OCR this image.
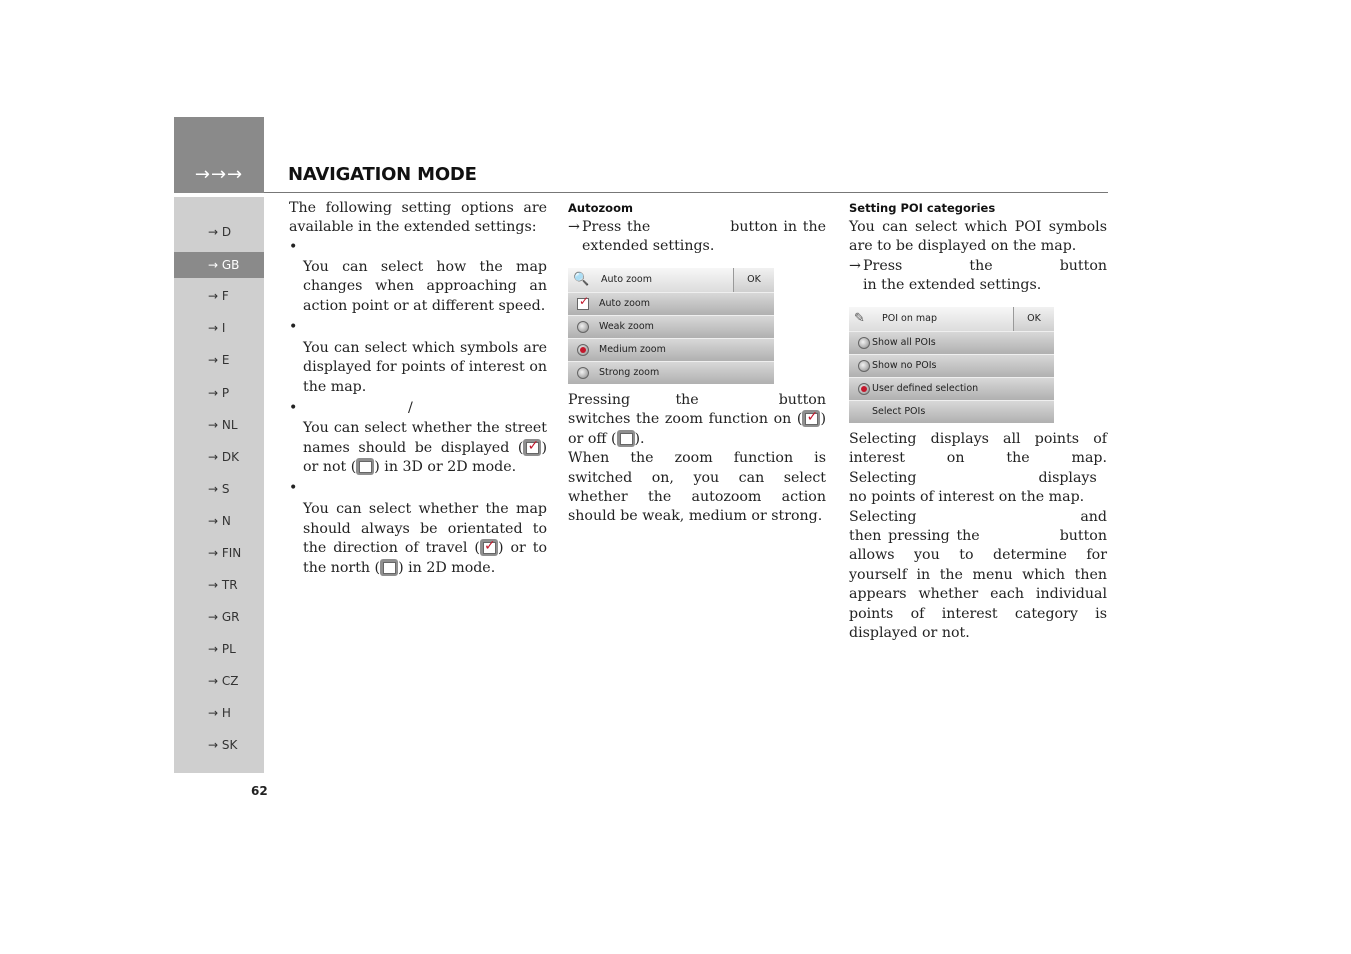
→→→	NAVIGATION MODE
→ D
→ GB
→ F
→ I
→ E
→ P
→ NL
→ DK
→ S
→ N
→ FIN
→ TR
→ GR
→ PL
→ CZ
→ H
→ SK
62

The following setting options are available in the extended settings:

•

You can select how the map changes when approaching an action point or at different speed.

•

You can select which symbols are displayed for points of interest on the map.

•	/

You can select whether the street names should be displayed ( ✓ ) or not ( ) in 3D or 2D mode.

•

You can select whether the map should always be orientated to the direction of travel ( ✓ ) or to the north ( ) in 2D mode.

Autozoom

→ Press the	button in the extended settings.

🔍	Auto zoom	OK
✓
Auto zoom
Weak zoom
Medium zoom
Strong zoom

Pressing the	button switches the zoom function on ( ✓ ) or off ( ).

When the zoom function is switched on, you can select whether the autozoom action should be weak, medium or strong.

Setting POI categories

You can select which POI symbols are to be displayed on the map.

→ Press the	button

in the extended settings.

✎	POI on map	OK
Show all POIs
Show no POIs
User defined selection
Select POIs

Selecting displays all points of interest on the map.

Selecting	displays no points of interest on the map.

Selecting	and

then pressing the	button allows you to determine for yourself in the menu which then appears whether each individual points of interest category is displayed or not.
